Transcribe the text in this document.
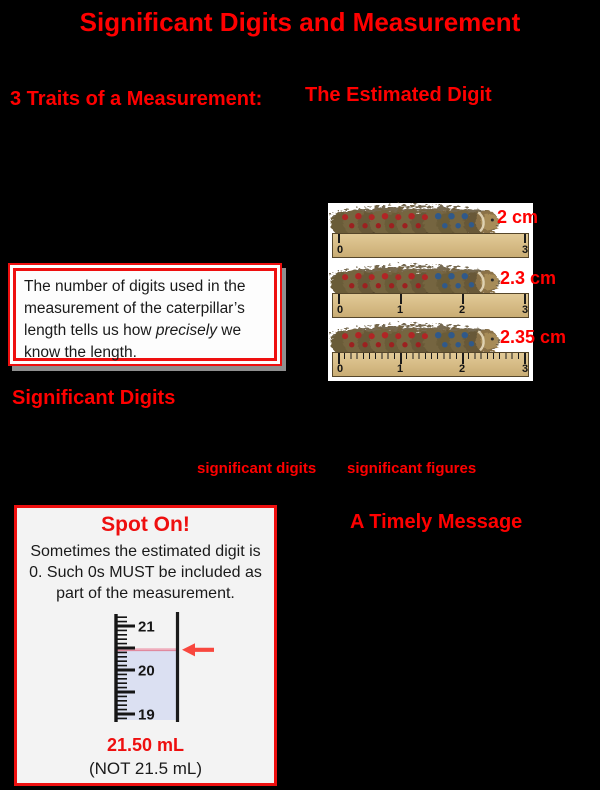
Significant Digits and Measurement
3 Traits of a Measurement: The Estimated Digit
0	3
0	1	2	3
0	1	2	3
2 cm
2.3 cm
2.35 cm
The number of digits used in the measurement of the caterpillar’s length tells us how precisely we know the length.
Significant Digits
significant digits significant figures
A Timely Message
Spot On!
Sometimes the estimated digit is 0. Such 0s MUST be included as part of the measurement.
21
20
19
21.50 mL
(NOT 21.5 mL)
